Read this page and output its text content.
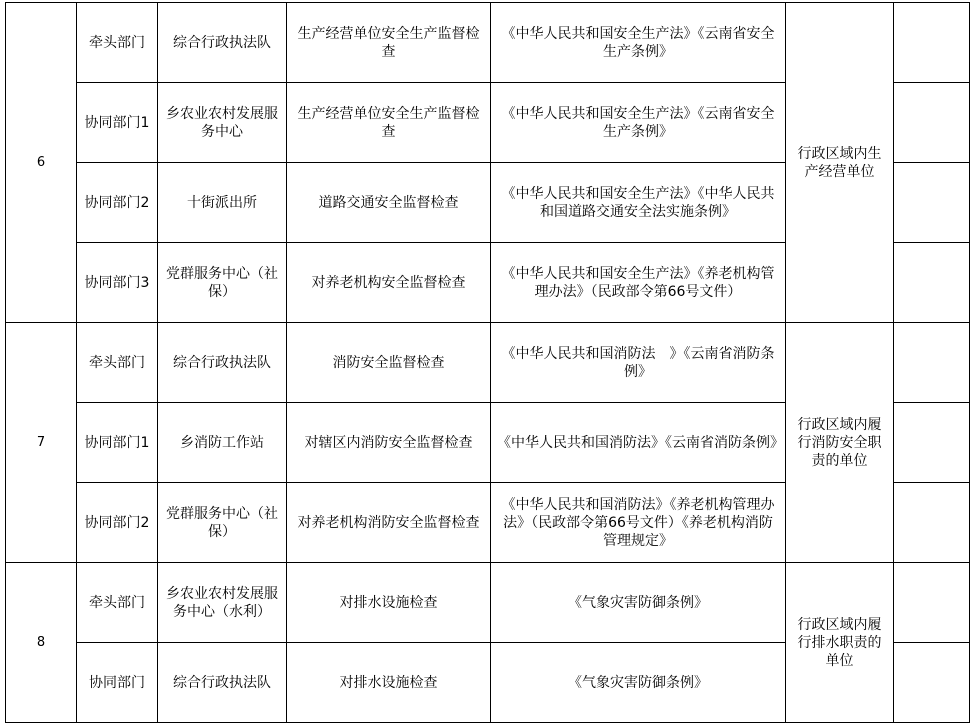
6	牵头部门	综合行政执法队	生产经营单位安全生产监督检查	《中华人民共和国安全生产法》《云南省安全生产条例》	行政区域内生产经营单位	
	协同部门1	乡农业农村发展服务中心	生产经营单位安全生产监督检查	《中华人民共和国安全生产法》《云南省安全生产条例》		
	协同部门2	十街派出所	道路交通安全监督检查	《中华人民共和国安全生产法》《中华人民共和国道路交通安全法实施条例》		
	协同部门3	党群服务中心（社保）	对养老机构安全监督检查	《中华人民共和国安全生产法》《养老机构管理办法》（民政部令第66号文件）		
7	牵头部门	综合行政执法队	消防安全监督检查	《中华人民共和国消防法　》《云南省消防条例》	行政区域内履行消防安全职责的单位	
	协同部门1	乡消防工作站	对辖区内消防安全监督检查	《中华人民共和国消防法》《云南省消防条例》		
	协同部门2	党群服务中心（社保）	对养老机构消防安全监督检查	《中华人民共和国消防法》《养老机构管理办法》（民政部令第66号文件）《养老机构消防管理规定》		
8	牵头部门	乡农业农村发展服务中心（水利）	对排水设施检查	《气象灾害防御条例》	行政区域内履行排水职责的单位	
	协同部门	综合行政执法队	对排水设施检查	《气象灾害防御条例》		
